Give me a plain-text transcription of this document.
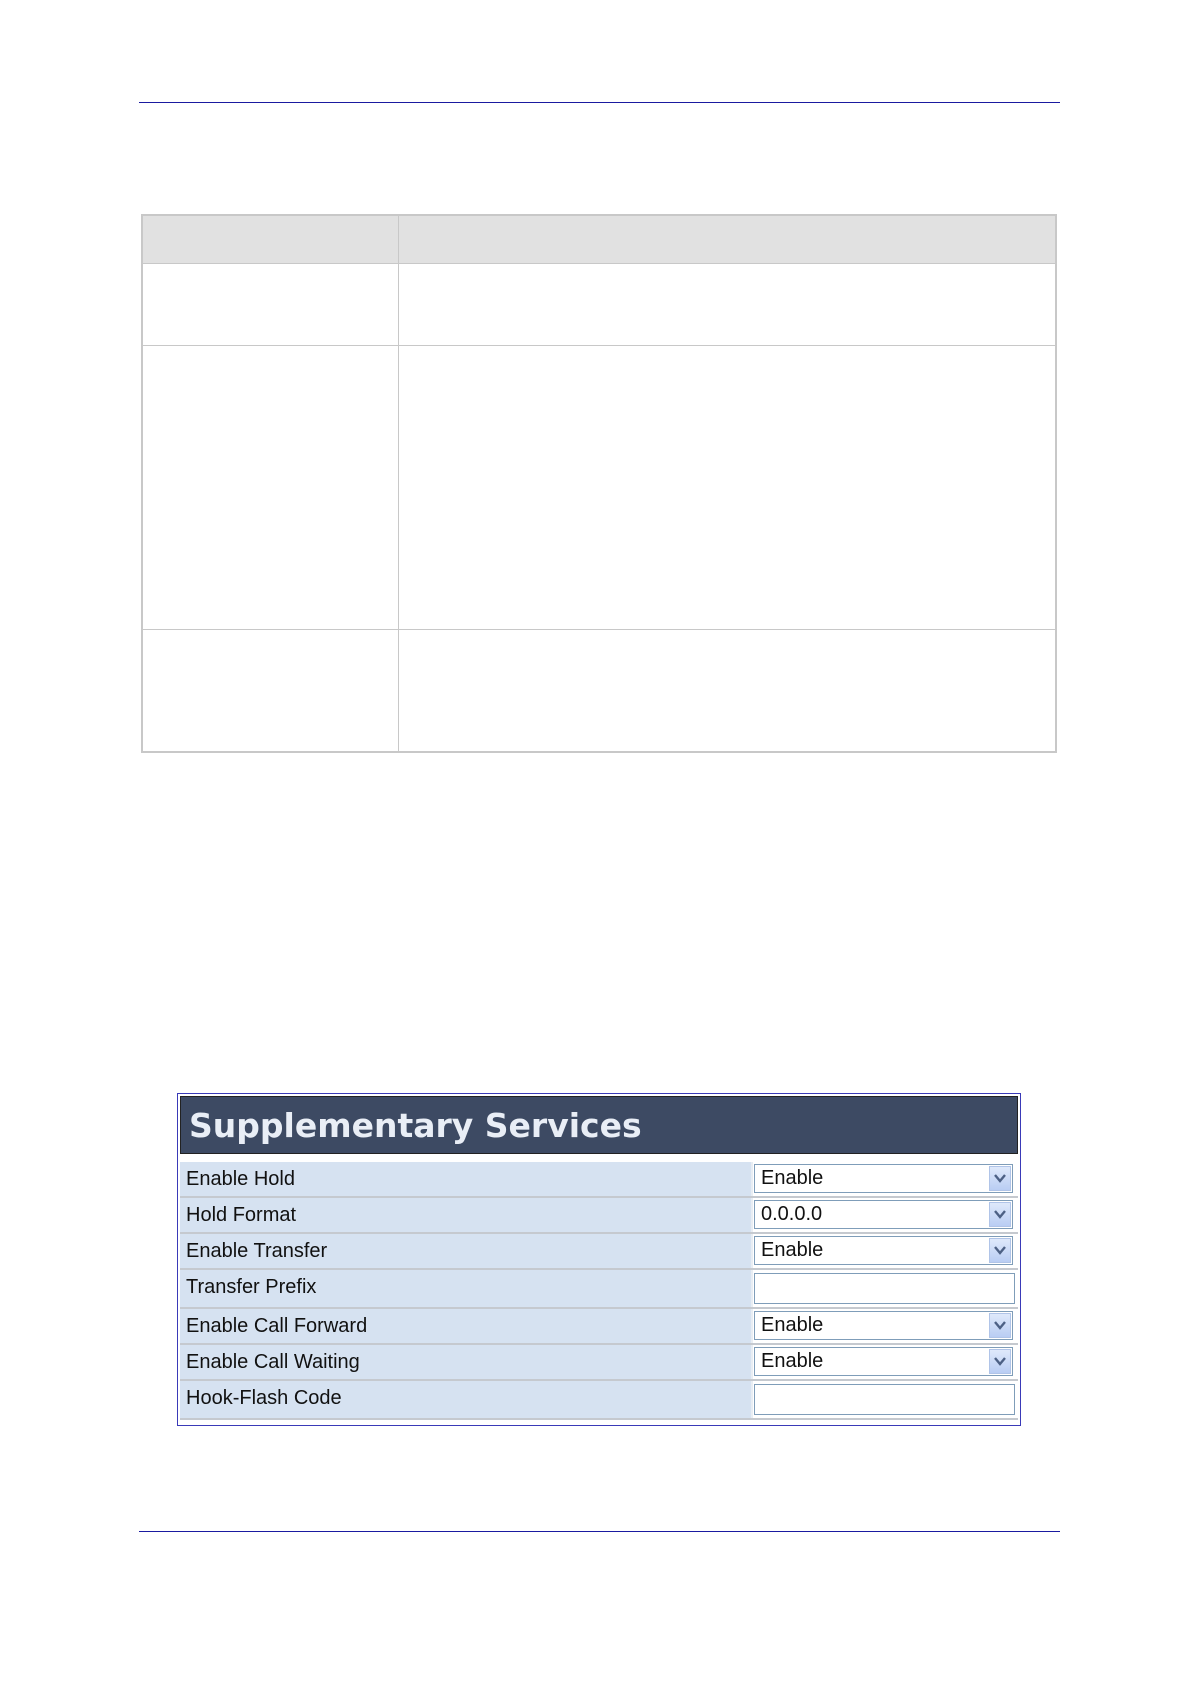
Supplementary Services
Enable Hold	Enable
Hold Format	0.0.0.0
Enable Transfer	Enable
Transfer Prefix
Enable Call Forward	Enable
Enable Call Waiting	Enable
Hook-Flash Code
